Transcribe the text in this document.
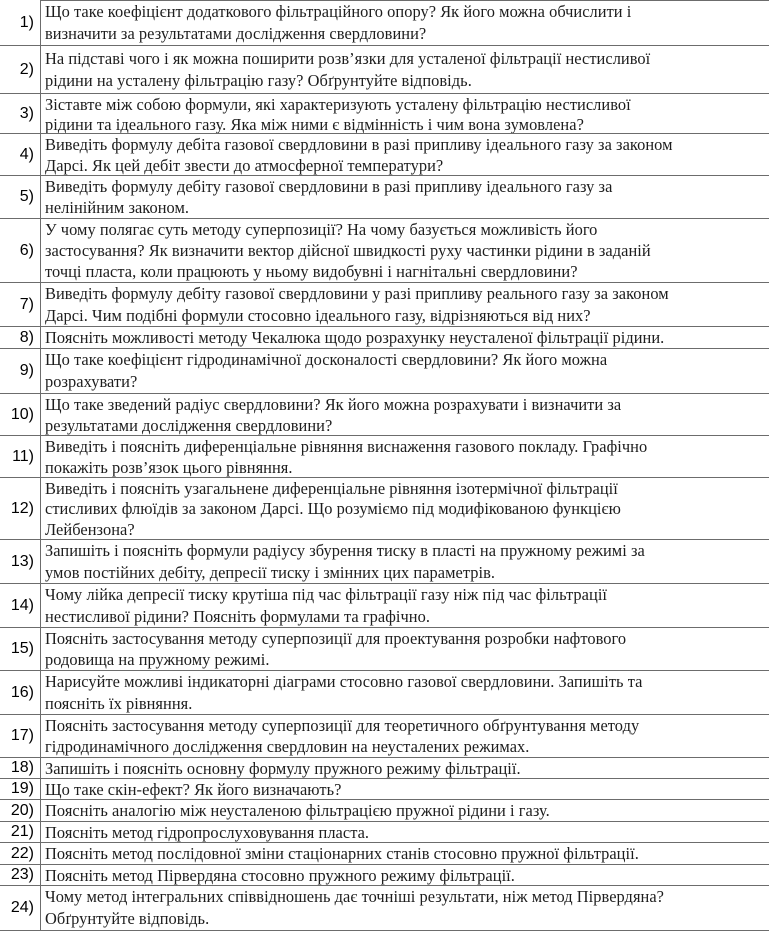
1)
Що таке коефіцієнт додаткового фільтраційного опору? Як його можна обчислити і
визначити за результатами дослідження свердловини?
2)
На підставі чого і як можна поширити розв’язки для усталеної фільтрації нестисливої
рідини на усталену фільтрацію газу? Обґрунтуйте відповідь.
3) Зіставте між собою формули, які характеризують усталену фільтрацію нестисливої
рідини та ідеального газу. Яка між ними є відмінність і чим вона зумовлена?
4) Виведіть формулу дебіта газової свердловини в разі припливу ідеального газу за законом
Дарсі. Як цей дебіт звести до атмосферної температури?
5)
Виведіть формулу дебіту газової свердловини в разі припливу ідеального газу за
нелінійним законом.
6)
У чому полягає суть методу суперпозиції? На чому базується можливість його
застосування? Як визначити вектор дійсної швидкості руху частинки рідини в заданій
точці пласта, коли працюють у ньому видобувні і нагнітальні свердловини?
7)
Виведіть формулу дебіту газової свердловини у разі припливу реального газу за законом
Дарсі. Чим подібні формули стосовно ідеального газу, відрізняються від них?
8) Поясніть можливості методу Чекалюка щодо розрахунку неусталеної фільтрації рідини.
9)
Що таке коефіцієнт гідродинамічної досконалості свердловини? Як його можна
розрахувати?
10) Що таке зведений радіус свердловини? Як його можна розрахувати і визначити за
результатами дослідження свердловини?
11) Виведіть і поясніть диференціальне рівняння виснаження газового покладу. Графічно
покажіть розв’язок цього рівняння.
12)
Виведіть і поясніть узагальнене диференціальне рівняння ізотермічної фільтрації
стисливих флюїдів за законом Дарсі. Що розуміємо під модифікованою функцією
Лейбензона?
13)
Запишіть і поясніть формули радіусу збурення тиску в пласті на пружному режимі за
умов постійних дебіту, депресії тиску і змінних цих параметрів.
14)
Чому лійка депресії тиску крутіша під час фільтрації газу ніж під час фільтрації
нестисливої рідини? Поясніть формулами та графічно.
15)
Поясніть застосування методу суперпозиції для проектування розробки нафтового
родовища на пружному режимі.
16)
Нарисуйте можливі індикаторні діаграми стосовно газової свердловини. Запишіть та
поясніть їх рівняння.
17)
Поясніть застосування методу суперпозиції для теоретичного обґрунтування методу
гідродинамічного дослідження свердловин на неусталених режимах.
18) Запишіть і поясніть основну формулу пружного режиму фільтрації.
19) Що таке скін-ефект? Як його визначають?
20) Поясніть аналогію між неусталеною фільтрацією пружної рідини і газу.
21) Поясніть метод гідропрослуховування пласта.
22) Поясніть метод послідовної зміни стаціонарних станів стосовно пружної фільтрації.
23) Поясніть метод Пірвердяна стосовно пружного режиму фільтрації.
24)
Чому метод інтегральних співвідношень дає точніші результати, ніж метод Пірвердяна?
Обґрунтуйте відповідь.
